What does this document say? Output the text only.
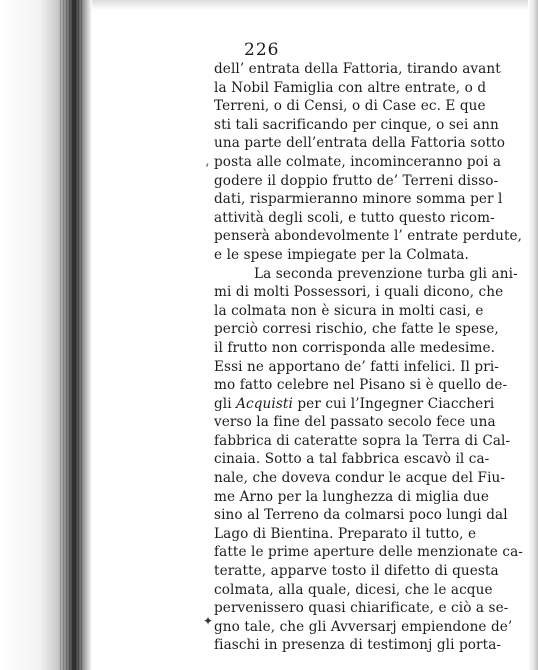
‘
226
dell’ entrata della Fattoria, tirando avant
la Nobil Famiglia con altre entrate, o d
Terreni, o di Censi, o di Case ec. E que
sti tali sacrificando per cinque, o sei ann
una parte dell’entrata della Fattoria sotto
posta alle colmate, incominceranno poi a
godere il doppio frutto de’ Terreni disso-
dati, risparmieranno minore somma per l
attività degli scoli, e tutto questo ricom-
penserà abondevolmente l’ entrate perdute,
e le spese impiegate per la Colmata.
La seconda prevenzione turba gli ani-
mi di molti Possessori, i quali dicono, che
la colmata non è sicura in molti casi, e
perciò corresi rischio, che fatte le spese,
il frutto non corrisponda alle medesime.
Essi ne apportano de’ fatti infelici. Il pri-
mo fatto celebre nel Pisano si è quello de-
gli Acquisti per cui l’Ingegner Ciaccheri
verso la fine del passato secolo fece una
fabbrica di cateratte sopra la Terra di Cal-
cinaia. Sotto a tal fabbrica escavò il ca-
nale, che doveva condur le acque del Fiu-
me Arno per la lunghezza di miglia due
sino al Terreno da colmarsi poco lungi dal
Lago di Bientina. Preparato il tutto, e
fatte le prime aperture delle menzionate ca-
teratte, apparve tosto il difetto di questa
colmata, alla quale, dicesi, che le acque
pervenissero quasi chiarificate, e ciò a se-
gno tale, che gli Avversarj empiendone de’
fiaschi in presenza di testimonj gli porta-
✦
